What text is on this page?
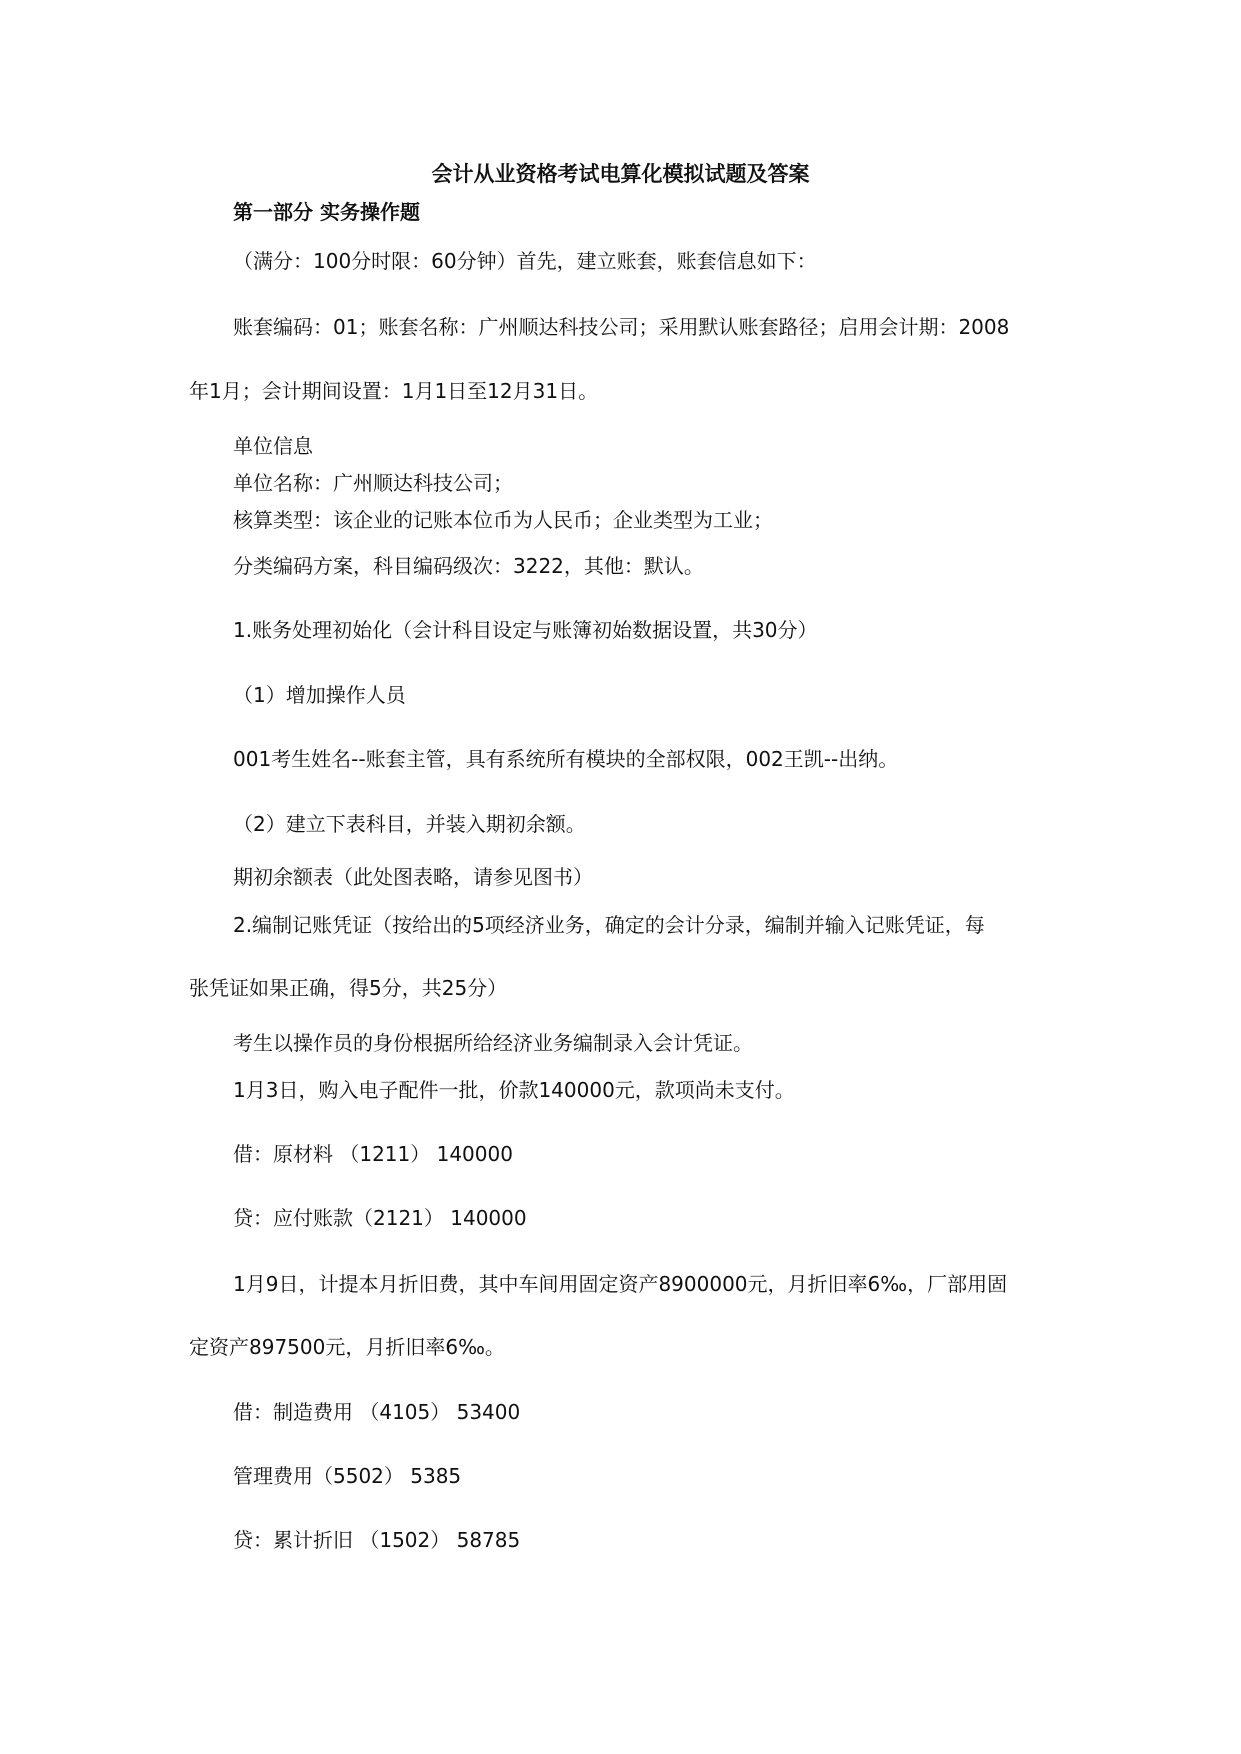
会计从业资格考试电算化模拟试题及答案
第一部分 实务操作题
（满分：100分时限：60分钟）首先，建立账套，账套信息如下：
账套编码：01；账套名称：广州顺达科技公司；采用默认账套路径；启用会计期：2008
年1月；会计期间设置：1月1日至12月31日。
单位信息
单位名称：广州顺达科技公司；
核算类型：该企业的记账本位币为人民币；企业类型为工业；
分类编码方案，科目编码级次：3222，其他：默认。
1.账务处理初始化（会计科目设定与账簿初始数据设置，共30分）
（1）增加操作人员
001考生姓名--账套主管，具有系统所有模块的全部权限，002王凯--出纳。
（2）建立下表科目，并装入期初余额。
期初余额表（此处图表略，请参见图书）
2.编制记账凭证（按给出的5项经济业务，确定的会计分录，编制并输入记账凭证，每
张凭证如果正确，得5分，共25分）
考生以操作员的身份根据所给经济业务编制录入会计凭证。
1月3日，购入电子配件一批，价款140000元，款项尚未支付。
借：原材料 （1211） 140000
贷：应付账款（2121） 140000
1月9日，计提本月折旧费，其中车间用固定资产8900000元，月折旧率6‰，厂部用固
定资产897500元，月折旧率6‰。
借：制造费用 （4105） 53400
管理费用（5502） 5385
贷：累计折旧 （1502） 58785
